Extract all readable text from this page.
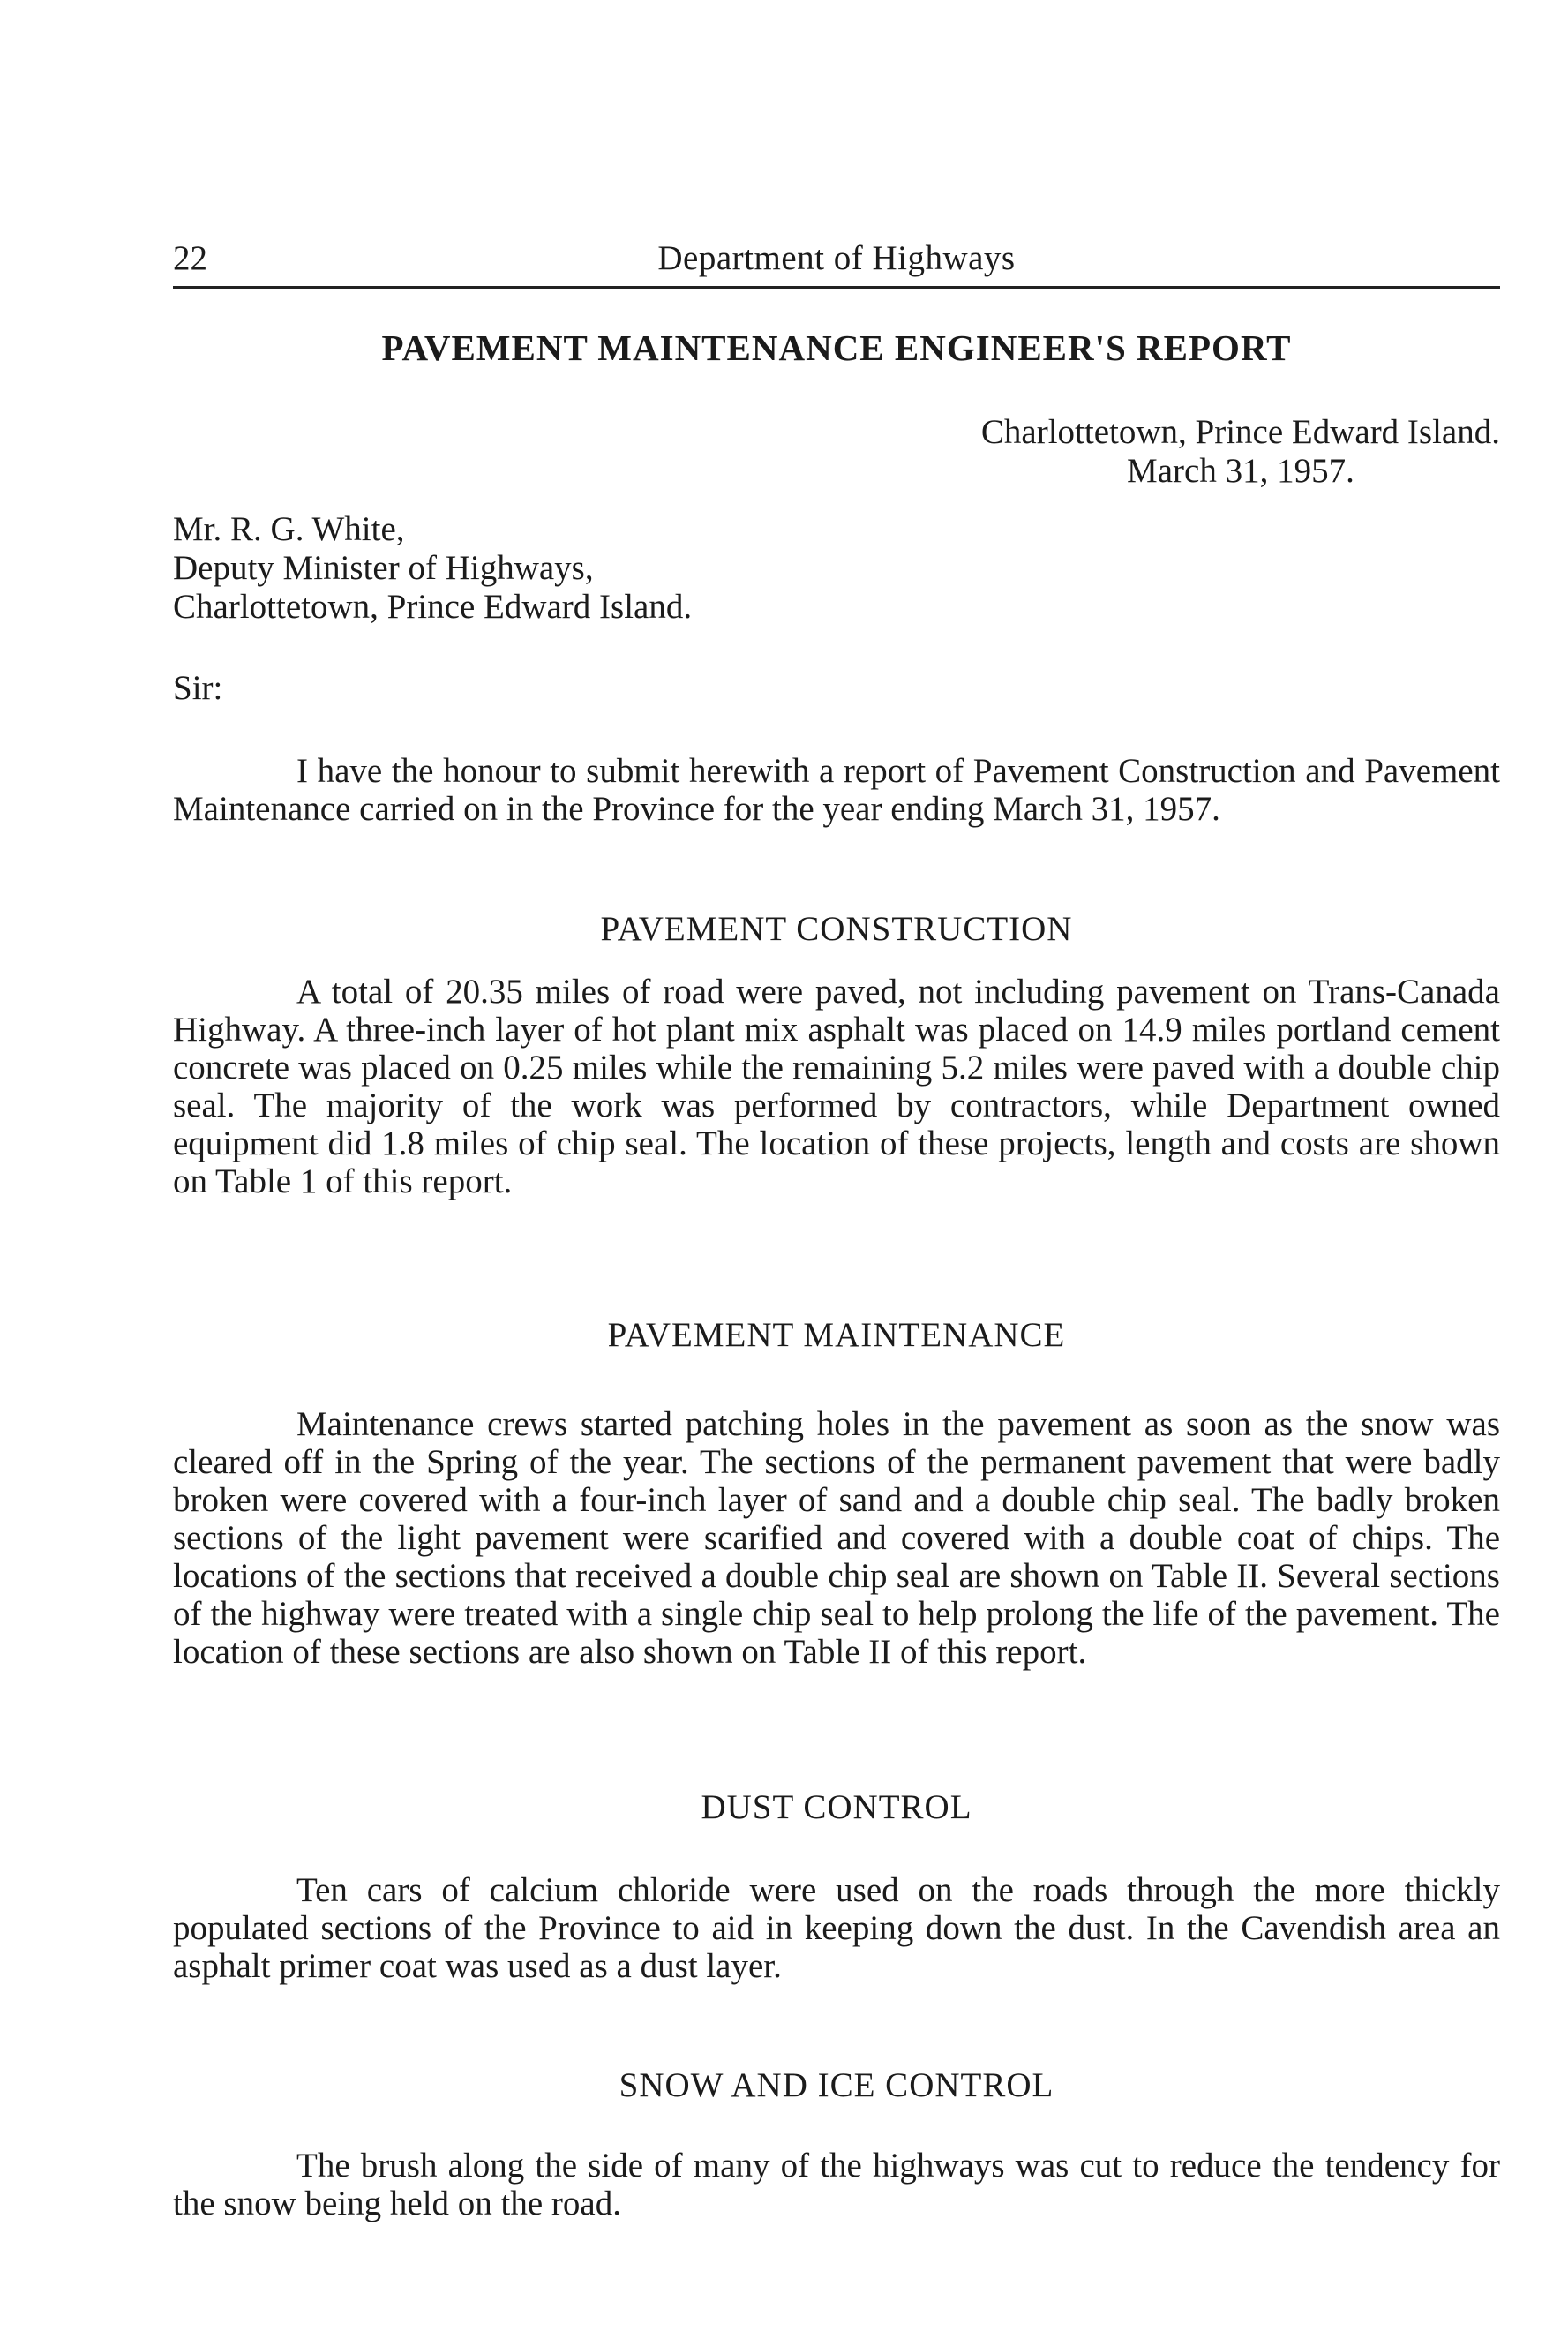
22	Department of Highways
PAVEMENT MAINTENANCE ENGINEER'S REPORT
Charlottetown, Prince Edward Island.
March 31, 1957.
Mr. R. G. White,
Deputy Minister of Highways,
Charlottetown, Prince Edward Island.
Sir:

I have the honour to submit herewith a report of Pavement Construction and Pavement Maintenance carried on in the Province for the year ending March 31, 1957.

PAVEMENT CONSTRUCTION

A total of 20.35 miles of road were paved, not including pavement on Trans-Canada Highway. A three-inch layer of hot plant mix asphalt was placed on 14.9 miles portland cement concrete was placed on 0.25 miles while the remaining 5.2 miles were paved with a double chip seal. The majority of the work was performed by contractors, while Department owned equipment did 1.8 miles of chip seal. The location of these projects, length and costs are shown on Table 1 of this report.

PAVEMENT MAINTENANCE

Maintenance crews started patching holes in the pavement as soon as the snow was cleared off in the Spring of the year. The sections of the permanent pavement that were badly broken were covered with a four-inch layer of sand and a double chip seal. The badly broken sections of the light pavement were scarified and covered with a double coat of chips. The locations of the sections that received a double chip seal are shown on Table II. Several sections of the highway were treated with a single chip seal to help prolong the life of the pavement. The location of these sections are also shown on Table II of this report.

DUST CONTROL

Ten cars of calcium chloride were used on the roads through the more thickly populated sections of the Province to aid in keeping down the dust. In the Cavendish area an asphalt primer coat was used as a dust layer.

SNOW AND ICE CONTROL

The brush along the side of many of the highways was cut to reduce the tendency for the snow being held on the road.
